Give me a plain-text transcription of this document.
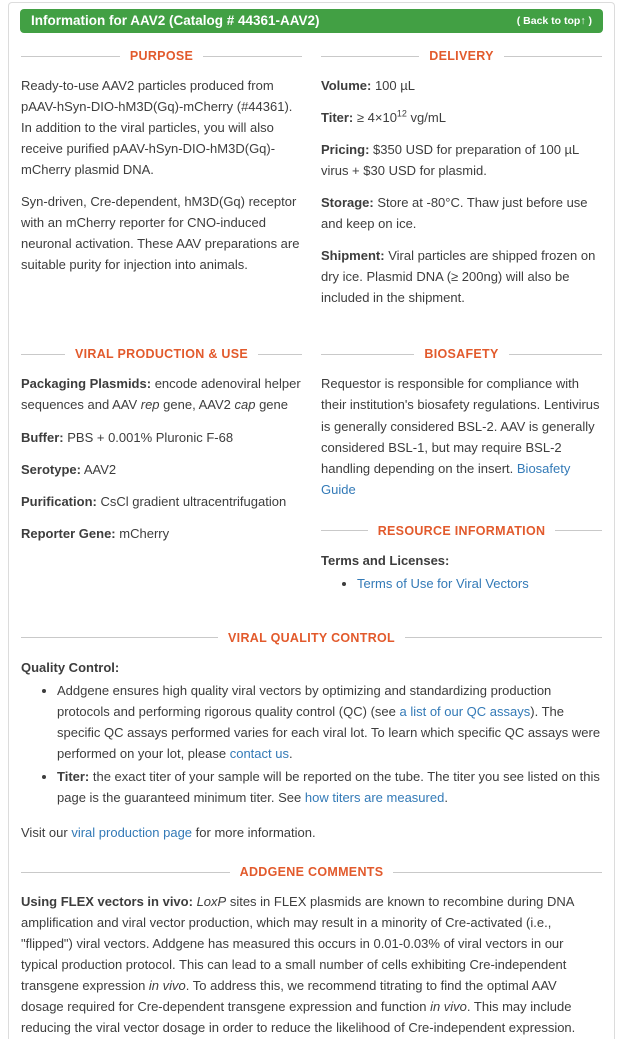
Information for AAV2 (Catalog # 44361-AAV2)	( Back to top↑ )
PURPOSE

Ready-to-use AAV2 particles produced from pAAV-hSyn-DIO-hM3D(Gq)-mCherry (#44361). In addition to the viral particles, you will also receive purified pAAV-hSyn-DIO-hM3D(Gq)-mCherry plasmid DNA.

Syn-driven, Cre-dependent, hM3D(Gq) receptor with an mCherry reporter for CNO-induced neuronal activation. These AAV preparations are suitable purity for injection into animals.

DELIVERY

Volume: 100 µL

Titer: ≥ $4\times 10^{12}$ vg/mL

Pricing: $350 USD for preparation of 100 µL virus + $30 USD for plasmid.

Storage: Store at -80°C. Thaw just before use and keep on ice.

Shipment: Viral particles are shipped frozen on dry ice. Plasmid DNA (≥ 200ng) will also be included in the shipment.

VIRAL PRODUCTION & USE

Packaging Plasmids: encode adenoviral helper sequences and AAV rep gene, AAV2 cap gene

Buffer: PBS + 0.001% Pluronic F-68

Serotype: AAV2

Purification: CsCl gradient ultracentrifugation

Reporter Gene: mCherry

BIOSAFETY

Requestor is responsible for compliance with their institution's biosafety regulations. Lentivirus is generally considered BSL-2. AAV is generally considered BSL-1, but may require BSL-2 handling depending on the insert. Biosafety Guide

RESOURCE INFORMATION

Terms and Licenses:

• Terms of Use for Viral Vectors
VIRAL QUALITY CONTROL

Quality Control:

• Addgene ensures high quality viral vectors by optimizing and standardizing production protocols and performing rigorous quality control (QC) (see a list of our QC assays). The specific QC assays performed varies for each viral lot. To learn which specific QC assays were performed on your lot, please contact us.
• Titer: the exact titer of your sample will be reported on the tube. The titer you see listed on this page is the guaranteed minimum titer. See how titers are measured.

Visit our viral production page for more information.

ADDGENE COMMENTS

Using FLEX vectors in vivo: LoxP sites in FLEX plasmids are known to recombine during DNA amplification and viral vector production, which may result in a minority of Cre-activated (i.e., "flipped") viral vectors. Addgene has measured this occurs in 0.01-0.03% of viral vectors in our typical production protocol. This can lead to a small number of cells exhibiting Cre-independent transgene expression in vivo. To address this, we recommend titrating to find the optimal AAV dosage required for Cre-dependent transgene expression and function in vivo. This may include reducing the viral vector dosage in order to reduce the likelihood of Cre-independent expression.
